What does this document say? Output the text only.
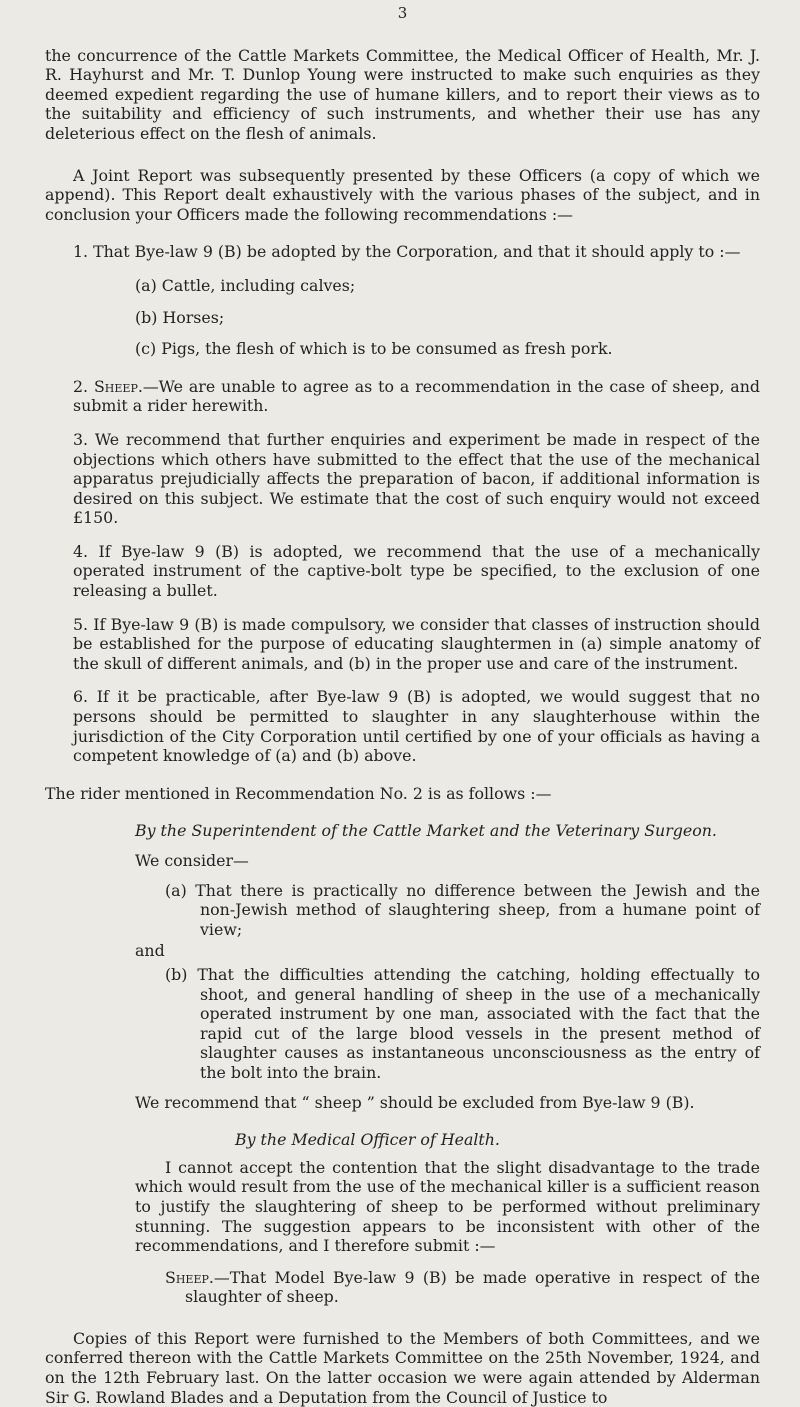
3

the concurrence of the Cattle Markets Committee, the Medical Officer of Health, Mr. J. R. Hayhurst and Mr. T. Dunlop Young were instructed to make such enquiries as they deemed expedient regarding the use of humane killers, and to report their views as to the suitability and efficiency of such instruments, and whether their use has any deleterious effect on the flesh of animals.

A Joint Report was subsequently presented by these Officers (a copy of which we append). This Report dealt exhaustively with the various phases of the subject, and in conclusion your Officers made the following recommendations :—

1. That Bye-law 9 (B) be adopted by the Corporation, and that it should apply to :—

(a) Cattle, including calves;

(b) Horses;

(c) Pigs, the flesh of which is to be consumed as fresh pork.

2. Sheep.—We are unable to agree as to a recommendation in the case of sheep, and submit a rider herewith.

3. We recommend that further enquiries and experiment be made in respect of the objections which others have submitted to the effect that the use of the mechanical apparatus prejudicially affects the preparation of bacon, if additional information is desired on this subject. We estimate that the cost of such enquiry would not exceed £150.

4. If Bye-law 9 (B) is adopted, we recommend that the use of a mechanically operated instrument of the captive-bolt type be specified, to the exclusion of one releasing a bullet.

5. If Bye-law 9 (B) is made compulsory, we consider that classes of instruction should be established for the purpose of educating slaughtermen in (a) simple anatomy of the skull of different animals, and (b) in the proper use and care of the instrument.

6. If it be practicable, after Bye-law 9 (B) is adopted, we would suggest that no persons should be permitted to slaughter in any slaughterhouse within the jurisdiction of the City Corporation until certified by one of your officials as having a competent knowledge of (a) and (b) above.

The rider mentioned in Recommendation No. 2 is as follows :—

By the Superintendent of the Cattle Market and the Veterinary Surgeon.

We consider—

(a) That there is practically no difference between the Jewish and the non-Jewish method of slaughtering sheep, from a humane point of view;

and

(b) That the difficulties attending the catching, holding effectually to shoot, and general handling of sheep in the use of a mechanically operated instrument by one man, associated with the fact that the rapid cut of the large blood vessels in the present method of slaughter causes as instantaneous unconsciousness as the entry of the bolt into the brain.

We recommend that “ sheep ” should be excluded from Bye-law 9 (B).

By the Medical Officer of Health.

I cannot accept the contention that the slight disadvantage to the trade which would result from the use of the mechanical killer is a sufficient reason to justify the slaughtering of sheep to be performed without preliminary stunning. The suggestion appears to be inconsistent with other of the recommendations, and I therefore submit :—

Sheep.—That Model Bye-law 9 (B) be made operative in respect of the slaughter of sheep.

Copies of this Report were furnished to the Members of both Committees, and we conferred thereon with the Cattle Markets Committee on the 25th November, 1924, and on the 12th February last. On the latter occasion we were again attended by Alderman Sir G. Rowland Blades and a Deputation from the Council of Justice to
